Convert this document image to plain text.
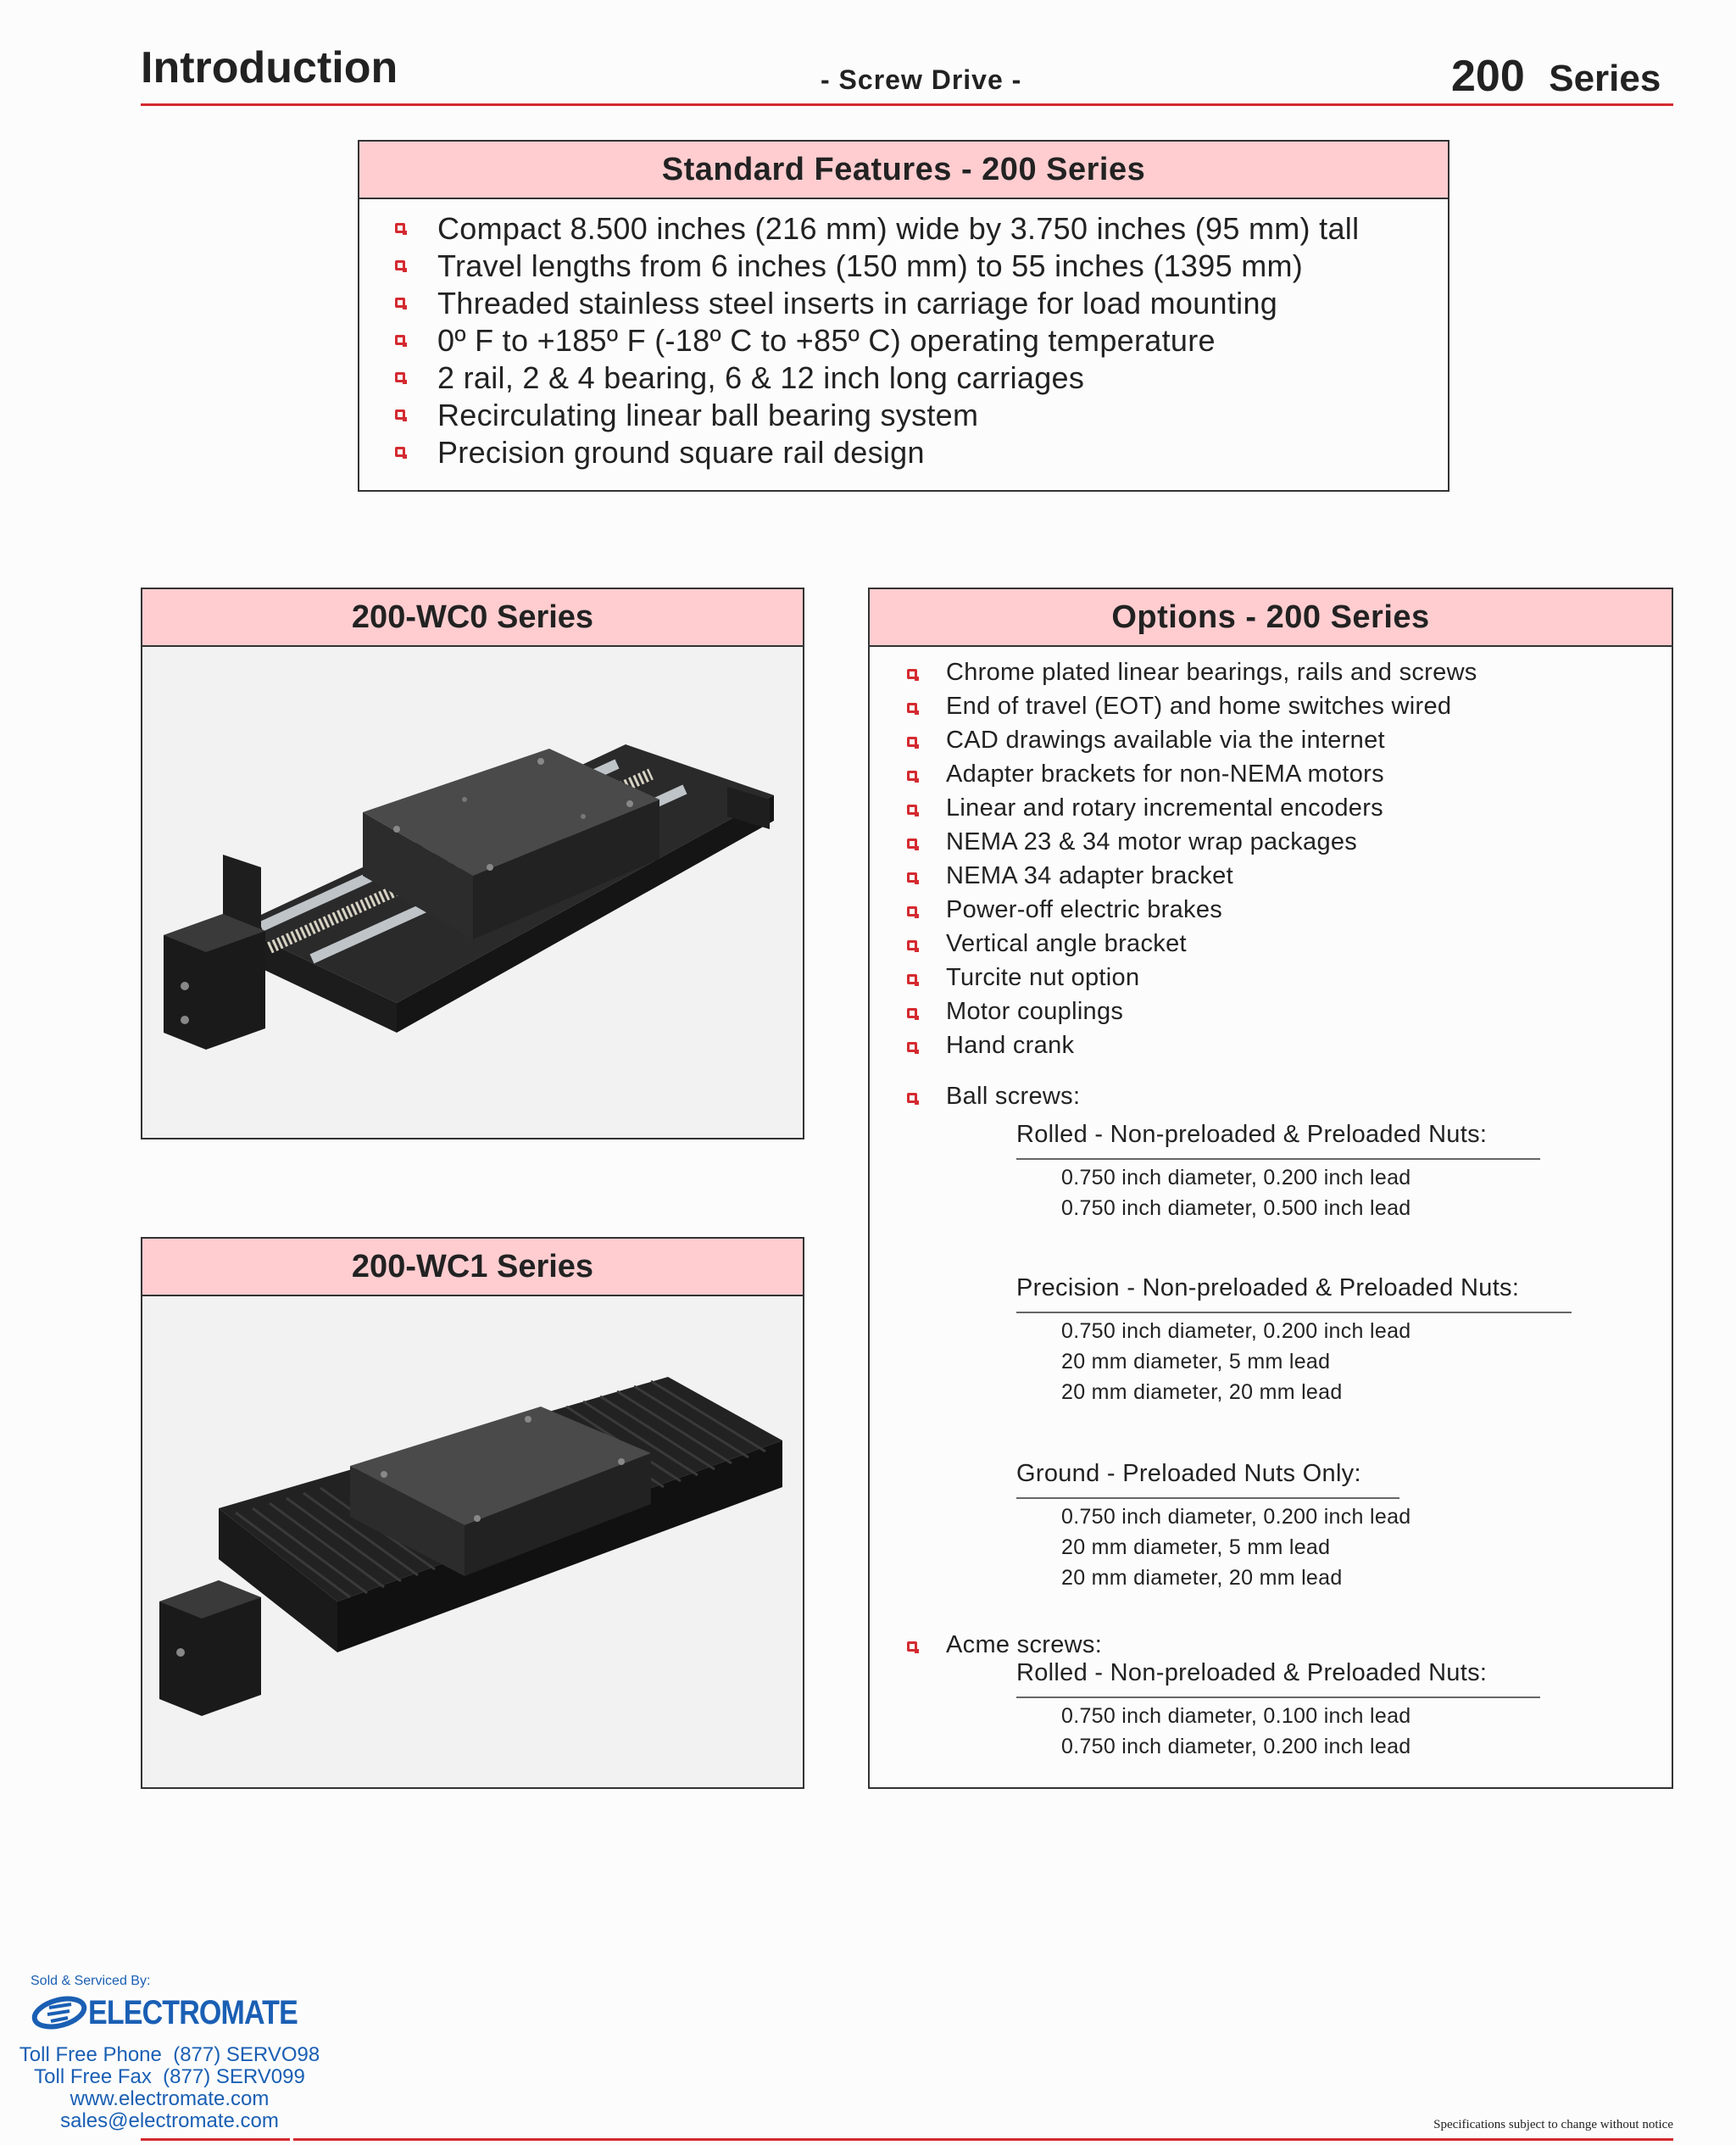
Introduction	- Screw Drive -	200 Series
Standard Features - 200 Series
Compact 8.500 inches (216 mm) wide by 3.750 inches (95 mm) tall
Travel lengths from 6 inches (150 mm) to 55 inches (1395 mm)
Threaded stainless steel inserts in carriage for load mounting
0º F to +185º F (-18º C to +85º C) operating temperature
2 rail, 2 & 4 bearing, 6 & 12 inch long carriages
Recirculating linear ball bearing system
Precision ground square rail design
200-WC0 Series
200-WC1 Series
Options - 200 Series
Chrome plated linear bearings, rails and screws
End of travel (EOT) and home switches wired
CAD drawings available via the internet
Adapter brackets for non-NEMA motors
Linear and rotary incremental encoders
NEMA 23 & 34 motor wrap packages
NEMA 34 adapter bracket
Power-off electric brakes
Vertical angle bracket
Turcite nut option
Motor couplings
Hand crank
Ball screws:
Rolled - Non-preloaded & Preloaded Nuts:
0.750 inch diameter, 0.200 inch lead
0.750 inch diameter, 0.500 inch lead
Precision - Non-preloaded & Preloaded Nuts:
0.750 inch diameter, 0.200 inch lead
20 mm diameter, 5 mm lead
20 mm diameter, 20 mm lead
Ground - Preloaded Nuts Only:
0.750 inch diameter, 0.200 inch lead
20 mm diameter, 5 mm lead
20 mm diameter, 20 mm lead
Acme screws:
Rolled - Non-preloaded & Preloaded Nuts:
0.750 inch diameter, 0.100 inch lead
0.750 inch diameter, 0.200 inch lead
Sold & Serviced By:
ELECTROMATE
Toll Free Phone  (877) SERVO98
Toll Free Fax  (877) SERV099
www.electromate.com
sales@electromate.com	Specifications subject to change without notice
